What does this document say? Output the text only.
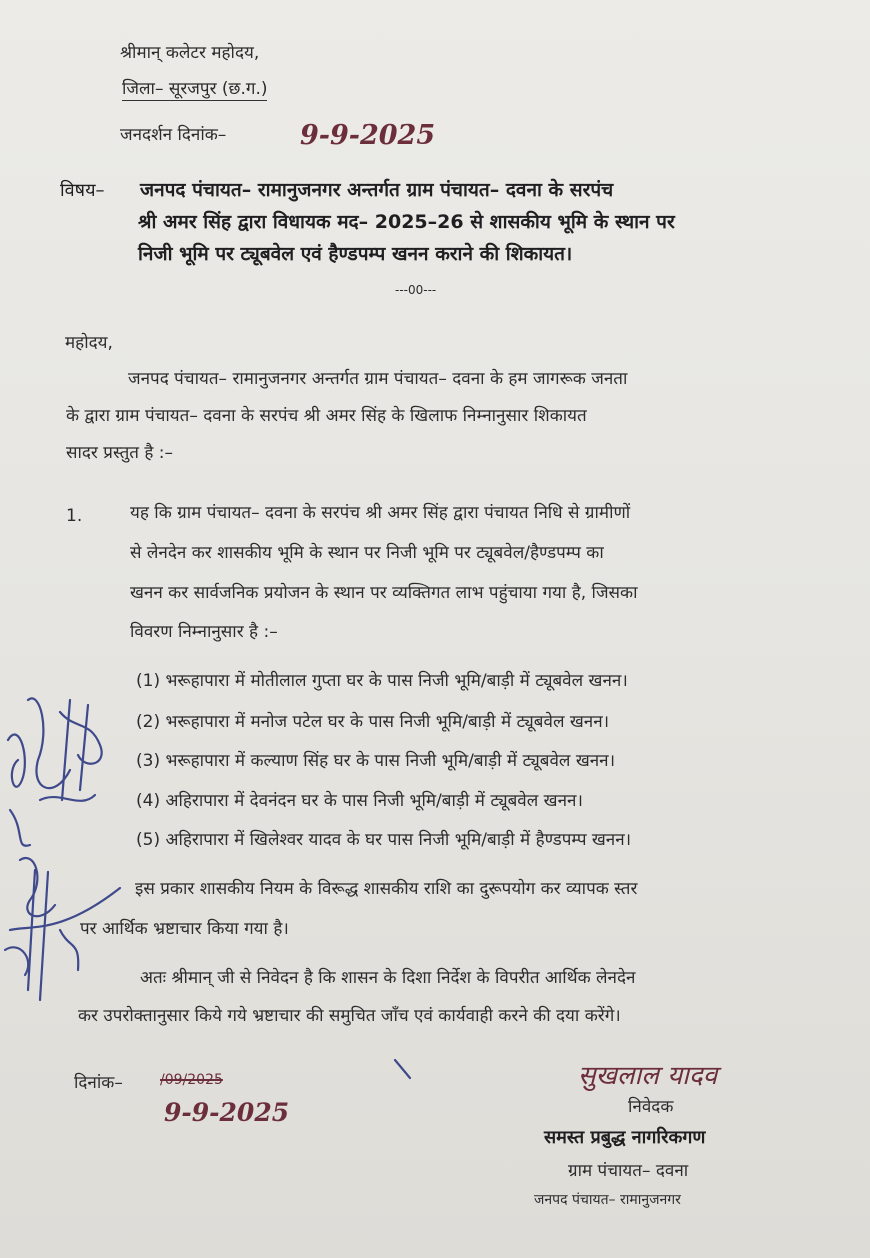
श्रीमान् कलेटर महोदय,
जिला– सूरजपुर (छ.ग.)
जनदर्शन दिनांक–	9-9-2025
विषय– जनपद पंचायत– रामानुजनगर अन्तर्गत ग्राम पंचायत– दवना के सरपंच
श्री अमर सिंह द्वारा विधायक मद– 2025–26 से शासकीय भूमि के स्थान पर
निजी भूमि पर ट्यूबवेल एवं हैण्डपम्प खनन कराने की शिकायत।
---00---
महोदय,
जनपद पंचायत– रामानुजनगर अन्तर्गत ग्राम पंचायत– दवना के हम जागरूक जनता
के द्वारा ग्राम पंचायत– दवना के सरपंच श्री अमर सिंह के खिलाफ निम्नानुसार शिकायत
सादर प्रस्तुत है :–
1.	यह कि ग्राम पंचायत– दवना के सरपंच श्री अमर सिंह द्वारा पंचायत निधि से ग्रामीणों
से लेनदेन कर शासकीय भूमि के स्थान पर निजी भूमि पर ट्यूबवेल/हैण्डपम्प का
खनन कर सार्वजनिक प्रयोजन के स्थान पर व्यक्तिगत लाभ पहुंचाया गया है, जिसका
विवरण निम्नानुसार है :–
(1) भरूहापारा में मोतीलाल गुप्ता घर के पास निजी भूमि/बाड़ी में ट्यूबवेल खनन।
(2) भरूहापारा में मनोज पटेल घर के पास निजी भूमि/बाड़ी में ट्यूबवेल खनन।
(3) भरूहापारा में कल्याण सिंह घर के पास निजी भूमि/बाड़ी में ट्यूबवेल खनन।
(4) अहिरापारा में देवनंदन घर के पास निजी भूमि/बाड़ी में ट्यूबवेल खनन।
(5) अहिरापारा में खिलेश्वर यादव के घर पास निजी भूमि/बाड़ी में हैण्डपम्प खनन।
इस प्रकार शासकीय नियम के विरूद्ध शासकीय राशि का दुरूपयोग कर व्यापक स्तर
पर आर्थिक भ्रष्टाचार किया गया है।
अतः श्रीमान् जी से निवेदन है कि शासन के दिशा निर्देश के विपरीत आर्थिक लेनदेन
कर उपरोक्तानुसार किये गये भ्रष्टाचार की समुचित जाँच एवं कार्यवाही करने की दया करेंगे।
दिनांक–	/09/2025
9-9-2025
सुखलाल यादव
निवेदक
समस्त प्रबुद्ध नागरिकगण
ग्राम पंचायत– दवना
जनपद पंचायत– रामानुजनगर
